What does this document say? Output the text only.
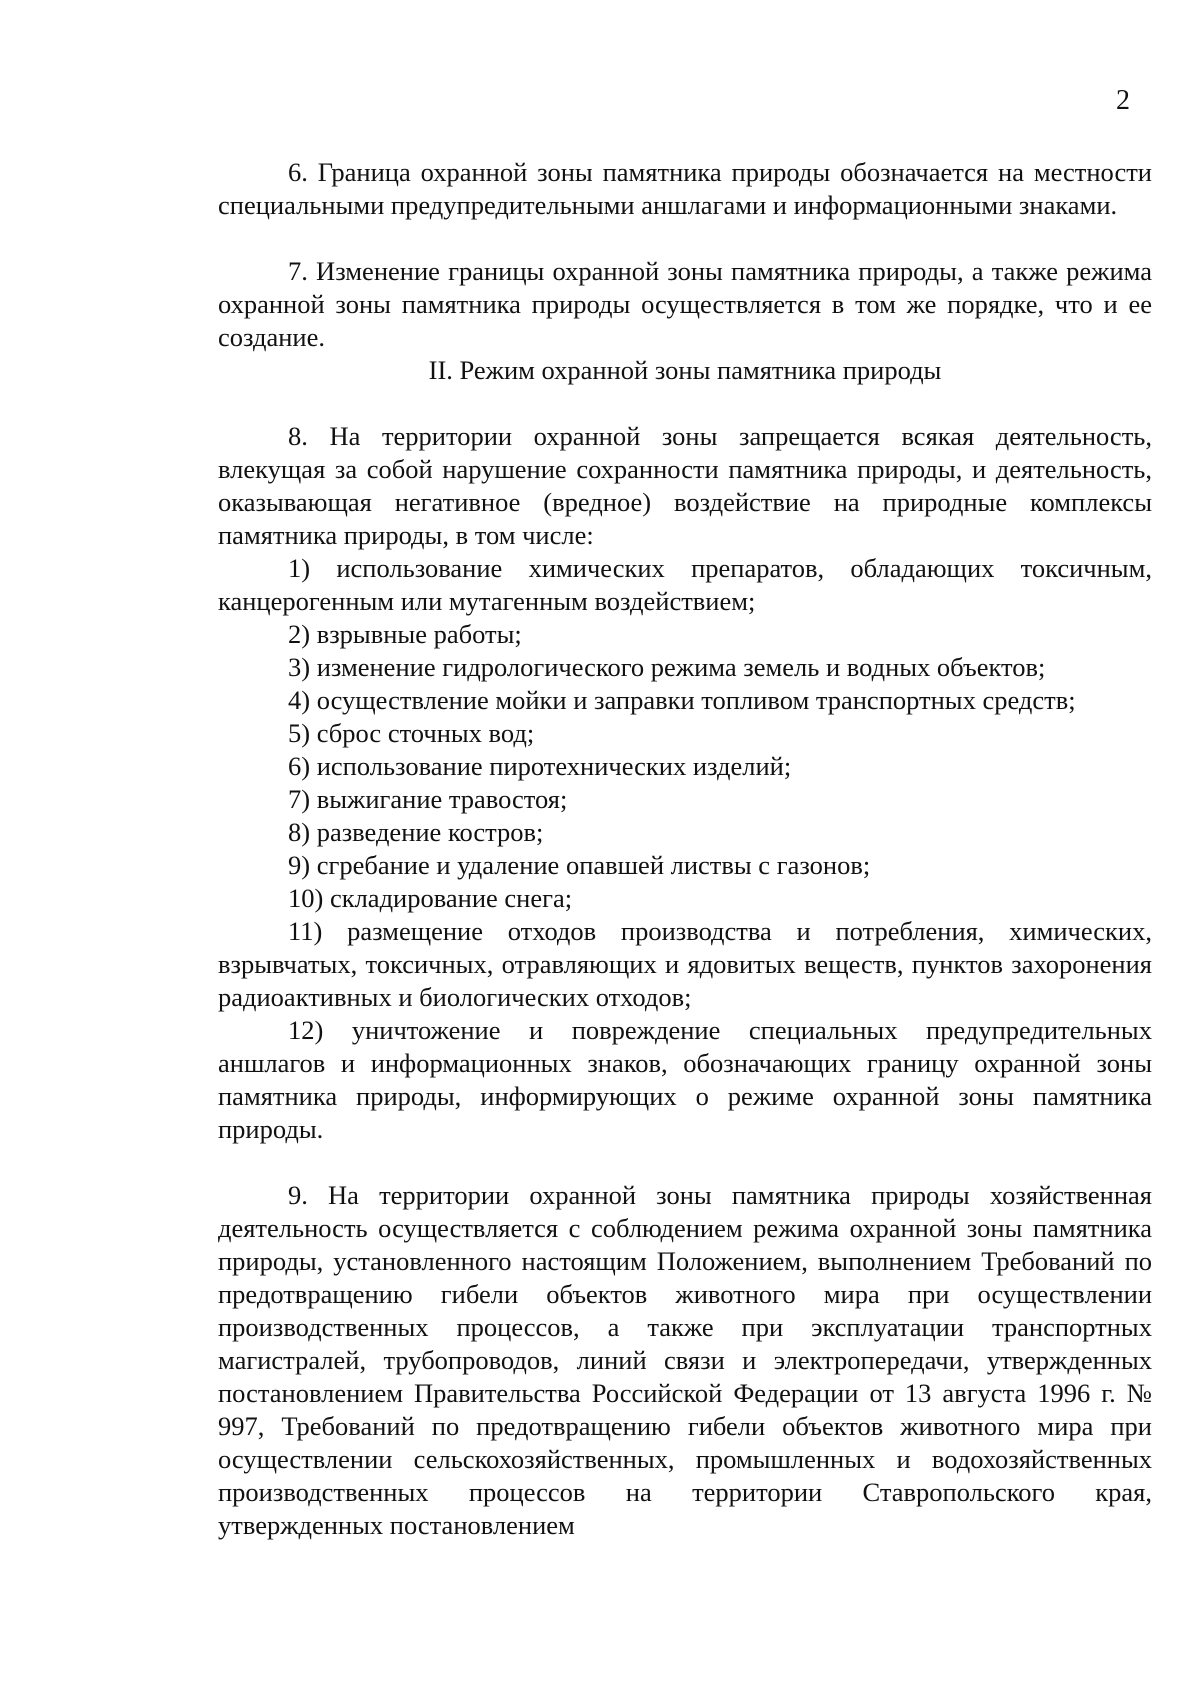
2

6. Граница охранной зоны памятника природы обозначается на местности специальными предупредительными аншлагами и информационными знаками.

7. Изменение границы охранной зоны памятника природы, а также режима охранной зоны памятника природы осуществляется в том же порядке, что и ее создание.

II. Режим охранной зоны памятника природы

8. На территории охранной зоны запрещается всякая деятельность, влекущая за собой нарушение сохранности памятника природы, и деятельность, оказывающая негативное (вредное) воздействие на природные комплексы памятника природы, в том числе:

1) использование химических препаратов, обладающих токсичным, канцерогенным или мутагенным воздействием;

2) взрывные работы;

3) изменение гидрологического режима земель и водных объектов;

4) осуществление мойки и заправки топливом транспортных средств;

5) сброс сточных вод;

6) использование пиротехнических изделий;

7) выжигание травостоя;

8) разведение костров;

9) сгребание и удаление опавшей листвы с газонов;

10) складирование снега;

11) размещение отходов производства и потребления, химических, взрывчатых, токсичных, отравляющих и ядовитых веществ, пунктов захоронения радиоактивных и биологических отходов;

12) уничтожение и повреждение специальных предупредительных аншлагов и информационных знаков, обозначающих границу охранной зоны памятника природы, информирующих о режиме охранной зоны памятника природы.

9. На территории охранной зоны памятника природы хозяйственная деятельность осуществляется с соблюдением режима охранной зоны памятника природы, установленного настоящим Положением, выполнением Требований по предотвращению гибели объектов животного мира при осуществлении производственных процессов, а также при эксплуатации транспортных магистралей, трубопроводов, линий связи и электропередачи, утвержденных постановлением Правительства Российской Федерации от 13 августа 1996 г. № 997, Требований по предотвращению гибели объектов животного мира при осуществлении сельскохозяйственных, промышленных и водохозяйственных производственных процессов на территории Ставропольского края, утвержденных постановлением
